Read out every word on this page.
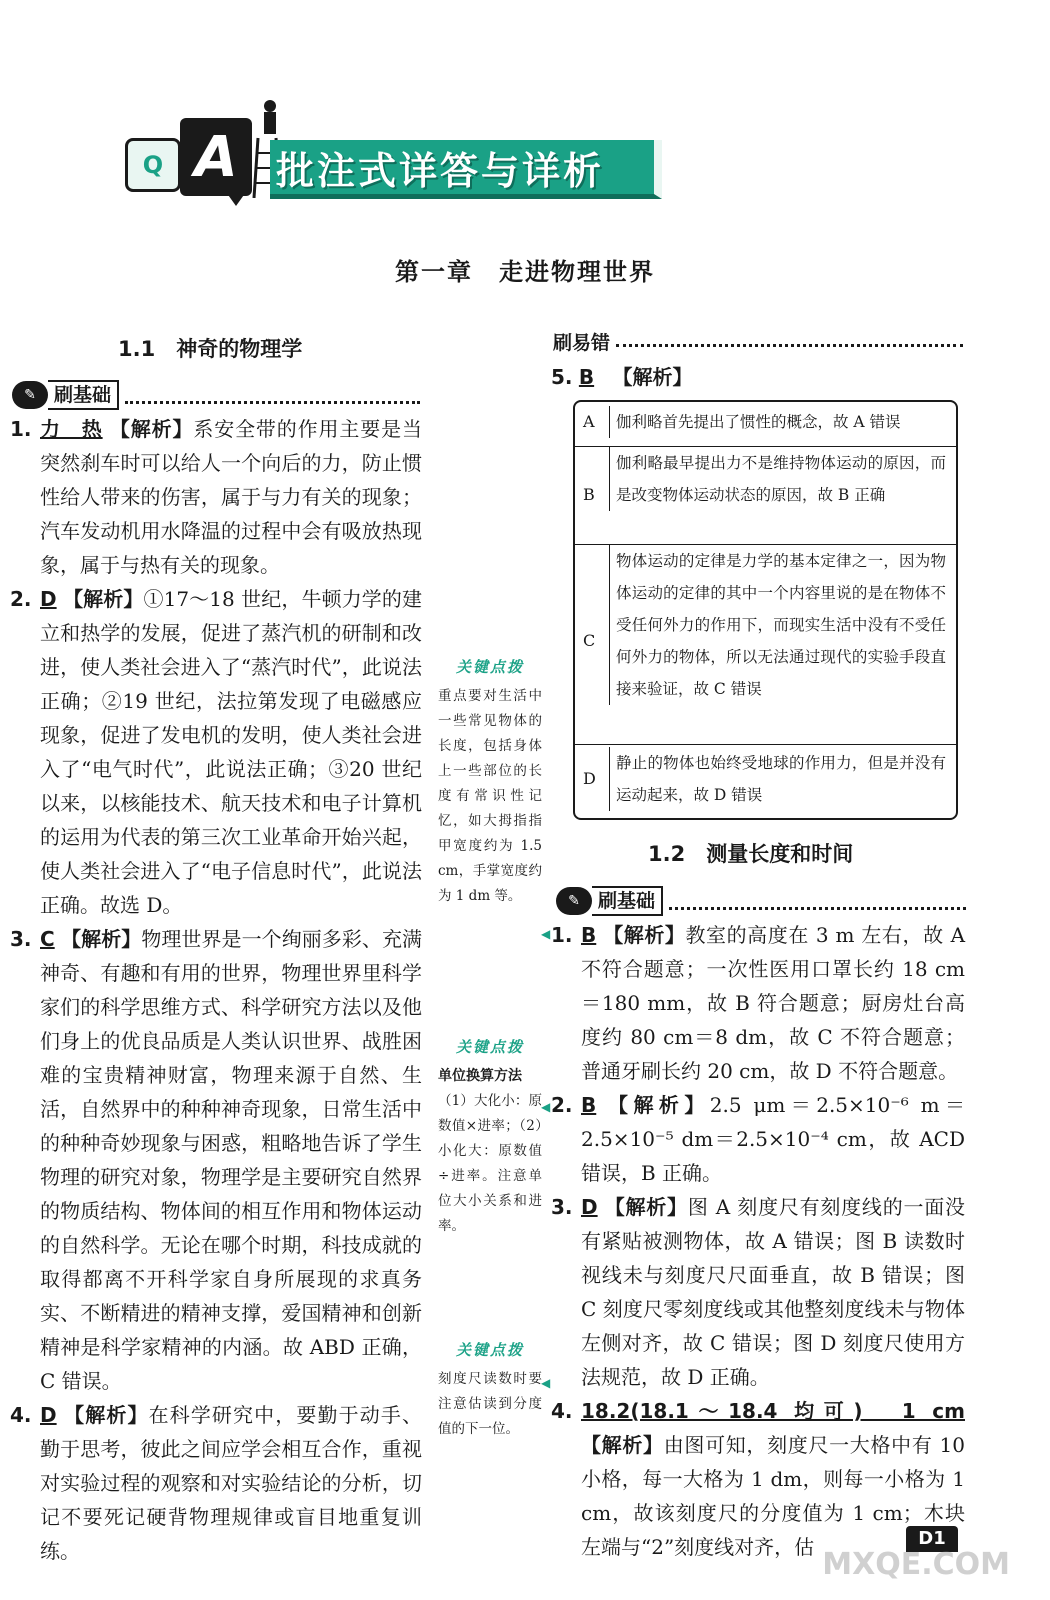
Q A 批注式详答与详析
第一章　走进物理世界
1.1　神奇的物理学
✎ 刷基础
1. 力　热 【解析】系安全带的作用主要是当突然刹车时可以给人一个向后的力，防止惯性给人带来的伤害，属于与力有关的现象；汽车发动机用水降温的过程中会有吸放热现象，属于与热有关的现象。
2. D 【解析】①17～18 世纪，牛顿力学的建立和热学的发展，促进了蒸汽机的研制和改进，使人类社会进入了“蒸汽时代”，此说法正确；②19 世纪，法拉第发现了电磁感应现象，促进了发电机的发明，使人类社会进入了“电气时代”，此说法正确；③20 世纪以来，以核能技术、航天技术和电子计算机的运用为代表的第三次工业革命开始兴起，使人类社会进入了“电子信息时代”，此说法正确。故选 D。
3. C 【解析】物理世界是一个绚丽多彩、充满神奇、有趣和有用的世界，物理世界里科学家们的科学思维方式、科学研究方法以及他们身上的优良品质是人类认识世界、战胜困难的宝贵精神财富，物理来源于自然、生活，自然界中的种种神奇现象，日常生活中的种种奇妙现象与困惑，粗略地告诉了学生物理的研究对象，物理学是主要研究自然界的物质结构、物体间的相互作用和物体运动的自然科学。无论在哪个时期，科技成就的取得都离不开科学家自身所展现的求真务实、不断精进的精神支撑，爱国精神和创新精神是科学家精神的内涵。故 ABD 正确，C 错误。
4. D 【解析】在科学研究中，要勤于动手、勤于思考，彼此之间应学会相互合作，重视对实验过程的观察和对实验结论的分析，切记不要死记硬背物理规律或盲目地重复训练。
关键点拨
重点要对生活中一些常见物体的长度，包括身体上一些部位的长度有常识性记忆，如大拇指指甲宽度约为 1.5 cm，手掌宽度约为 1 dm 等。
◀
关键点拨
单位换算方法
（1）大化小：原数值×进率；（2）小化大：原数值÷进率。注意单位大小关系和进率。
◀
关键点拨
刻度尺读数时要注意估读到分度值的下一位。
◀
刷易错
5. B 【解析】
A	伽利略首先提出了惯性的概念，故 A 错误
B
伽利略最早提出力不是维持物体运动的原因，而是改变物体运动状态的原因，故 B 正确
C
物体运动的定律是力学的基本定律之一，因为物体运动的定律的其中一个内容里说的是在物体不受任何外力的作用下，而现实生活中没有不受任何外力的物体，所以无法通过现代的实验手段直接来验证，故 C 错误
D
静止的物体也始终受地球的作用力，但是并没有运动起来，故 D 错误
1.2　测量长度和时间
✎ 刷基础
1. B 【解析】教室的高度在 3 m 左右，故 A 不符合题意；一次性医用口罩长约 18 cm＝180 mm，故 B 符合题意；厨房灶台高度约 80 cm＝8 dm，故 C 不符合题意；普通牙刷长约 20 cm，故 D 不符合题意。
2. B 【解析】2.5 μm＝2.5×10⁻⁶ m＝2.5×10⁻⁵ dm＝2.5×10⁻⁴ cm，故 ACD 错误，B 正确。
3. D 【解析】图 A 刻度尺有刻度线的一面没有紧贴被测物体，故 A 错误；图 B 读数时视线未与刻度尺尺面垂直，故 B 错误；图 C 刻度尺零刻度线或其他整刻度线未与物体左侧对齐，故 C 错误；图 D 刻度尺使用方法规范，故 D 正确。
4. 18.2(18.1～18.4 均可)　1 cm 【解析】由图可知，刻度尺一大格中有 10 小格，每一大格为 1 dm，则每一小格为 1 cm，故该刻度尺的分度值为 1 cm；木块左端与“2”刻度线对齐，估	D1
MXQE.COM
